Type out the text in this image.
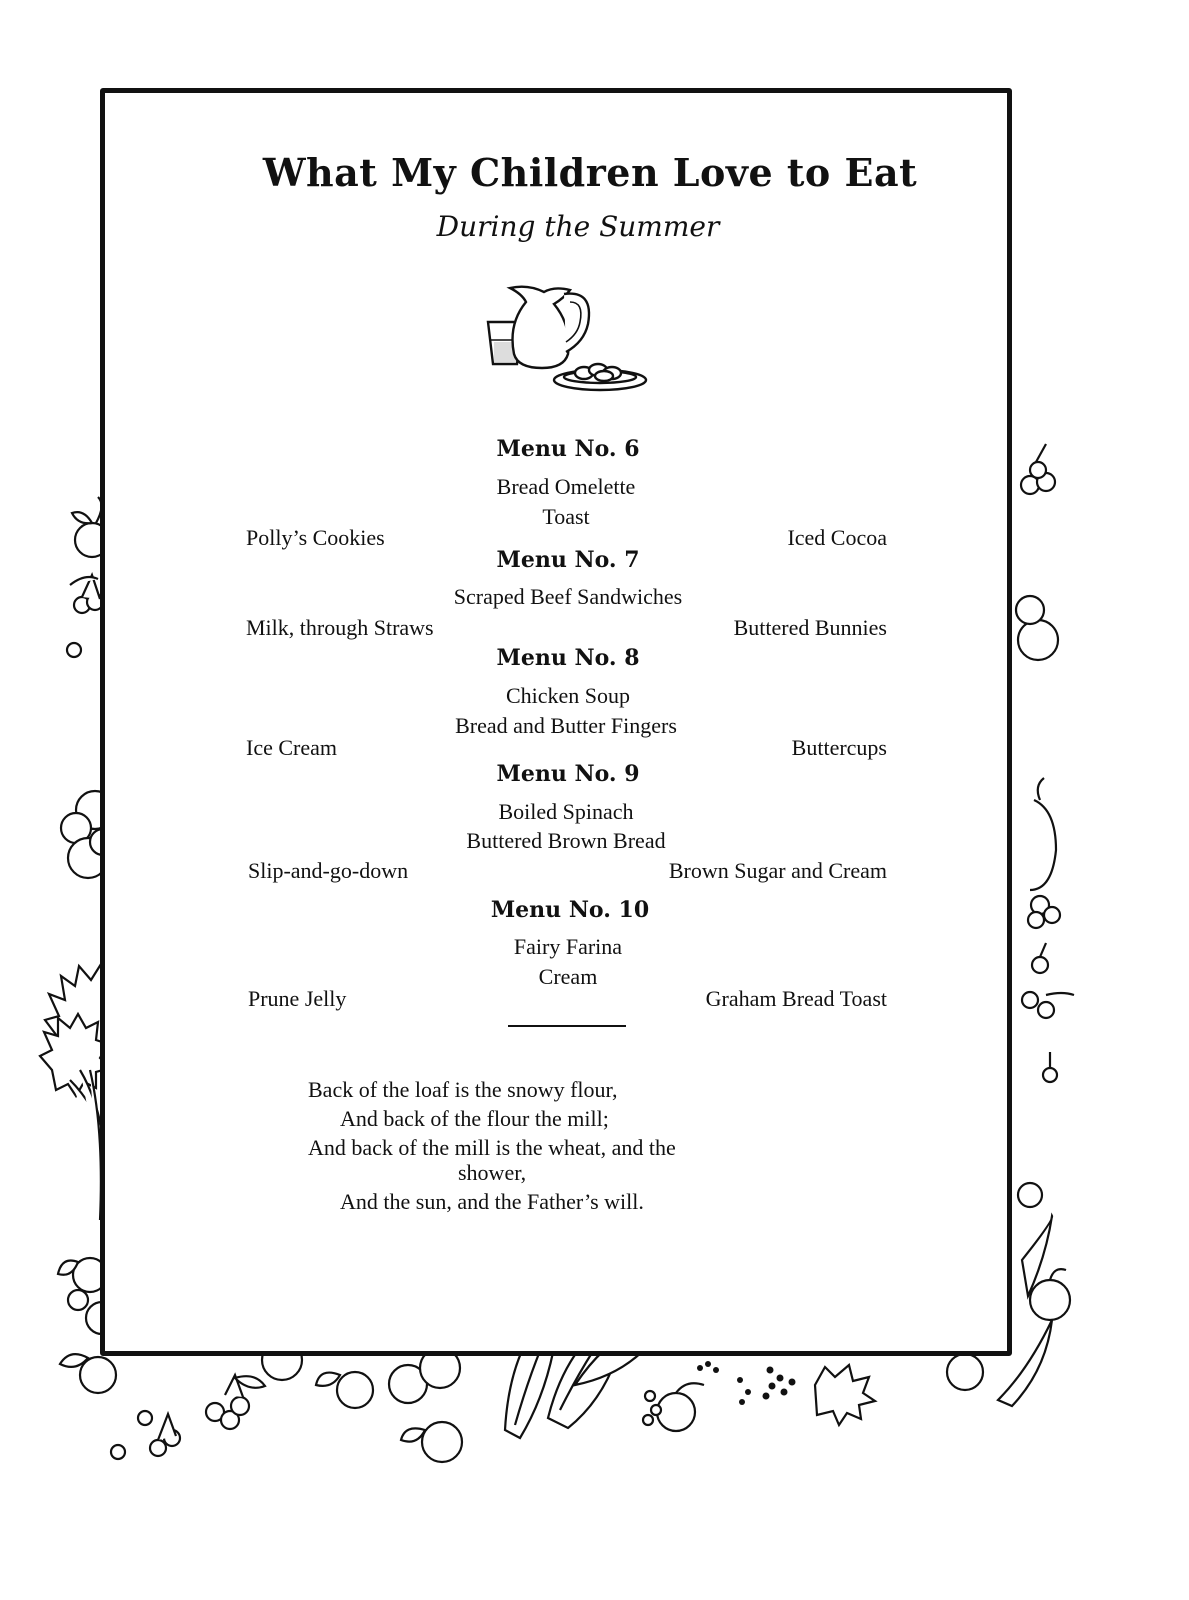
What My Children Love to Eat
During the Summer
Menu No. 6
Bread Omelette
Toast
Polly’s Cookies	Iced Cocoa
Menu No. 7
Scraped Beef Sandwiches
Milk, through Straws	Buttered Bunnies
Menu No. 8
Chicken Soup
Bread and Butter Fingers
Ice Cream	Buttercups
Menu No. 9
Boiled Spinach
Buttered Brown Bread
Slip-and-go-down	Brown Sugar and Cream
Menu No. 10
Fairy Farina
Cream
Prune Jelly	Graham Bread Toast
Back of the loaf is the snowy flour,
And back of the flour the mill;
And back of the mill is the wheat, and the
shower,
And the sun, and the Father’s will.
